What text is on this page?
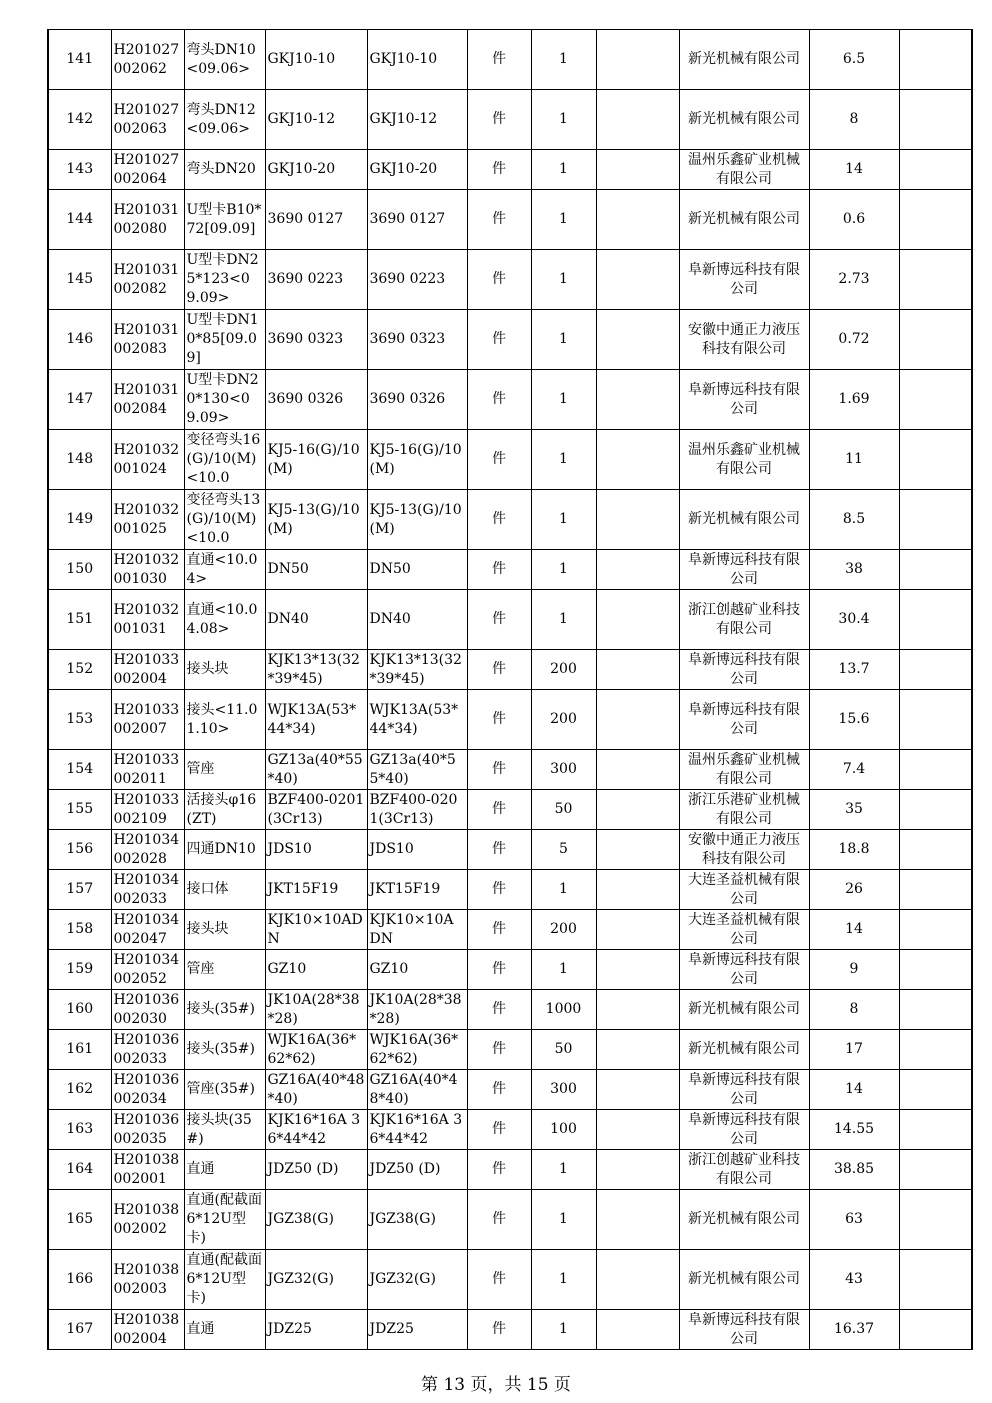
141	H201027002062	弯头DN10<09.06>	GKJ10-10	GKJ10-10	件	1		新光机械有限公司	6.5	
142	H201027002063	弯头DN12<09.06>	GKJ10-12	GKJ10-12	件	1		新光机械有限公司	8	
143	H201027002064	弯头DN20	GKJ10-20	GKJ10-20	件	1		温州乐鑫矿业机械有限公司	14	
144	H201031002080	U型卡B10*72[09.09]	3690 0127	3690 0127	件	1		新光机械有限公司	0.6	
145	H201031002082	U型卡DN25*123<09.09>	3690 0223	3690 0223	件	1		阜新博远科技有限公司	2.73	
146	H201031002083	U型卡DN10*85[09.09]	3690 0323	3690 0323	件	1		安徽中通正力液压科技有限公司	0.72	
147	H201031002084	U型卡DN20*130<09.09>	3690 0326	3690 0326	件	1		阜新博远科技有限公司	1.69	
148	H201032001024	变径弯头16(G)/10(M)<10.0	KJ5-16(G)/10(M)	KJ5-16(G)/10(M)	件	1		温州乐鑫矿业机械有限公司	11	
149	H201032001025	变径弯头13(G)/10(M)<10.0	KJ5-13(G)/10(M)	KJ5-13(G)/10(M)	件	1		新光机械有限公司	8.5	
150	H201032001030	直通<10.04>	DN50	DN50	件	1		阜新博远科技有限公司	38	
151	H201032001031	直通<10.04.08>	DN40	DN40	件	1		浙江创越矿业科技有限公司	30.4	
152	H201033002004	接头块	KJK13*13(32*39*45)	KJK13*13(32*39*45)	件	200		阜新博远科技有限公司	13.7	
153	H201033002007	接头<11.01.10>	WJK13A(53*44*34)	WJK13A(53*44*34)	件	200		阜新博远科技有限公司	15.6	
154	H201033002011	管座	GZ13a(40*55*40)	GZ13a(40*55*40)	件	300		温州乐鑫矿业机械有限公司	7.4	
155	H201033002109	活接头φ16 (ZT)	BZF400-0201(3Cr13)	BZF400-0201(3Cr13)	件	50		浙江乐港矿业机械有限公司	35	
156	H201034002028	四通DN10	JDS10	JDS10	件	5		安徽中通正力液压科技有限公司	18.8	
157	H201034002033	接口体	JKT15F19	JKT15F19	件	1		大连圣益机械有限公司	26	
158	H201034002047	接头块	KJK10×10ADN	KJK10×10ADN	件	200		大连圣益机械有限公司	14	
159	H201034002052	管座	GZ10	GZ10	件	1		阜新博远科技有限公司	9	
160	H201036002030	接头(35#)	JK10A(28*38*28)	JK10A(28*38*28)	件	1000		新光机械有限公司	8	
161	H201036002033	接头(35#)	WJK16A(36*62*62)	WJK16A(36*62*62)	件	50		新光机械有限公司	17	
162	H201036002034	管座(35#)	GZ16A(40*48*40)	GZ16A(40*48*40)	件	300		阜新博远科技有限公司	14	
163	H201036002035	接头块(35#)	KJK16*16A 36*44*42	KJK16*16A 36*44*42	件	100		阜新博远科技有限公司	14.55	
164	H201038002001	直通	JDZ50 (D)	JDZ50 (D)	件	1		浙江创越矿业科技有限公司	38.85	
165	H201038002002	直通(配截面6*12U型卡)	JGZ38(G)	JGZ38(G)	件	1		新光机械有限公司	63	
166	H201038002003	直通(配截面6*12U型卡)	JGZ32(G)	JGZ32(G)	件	1		新光机械有限公司	43	
167	H201038002004	直通	JDZ25	JDZ25	件	1		阜新博远科技有限公司	16.37	
第 13 页，共 15 页
